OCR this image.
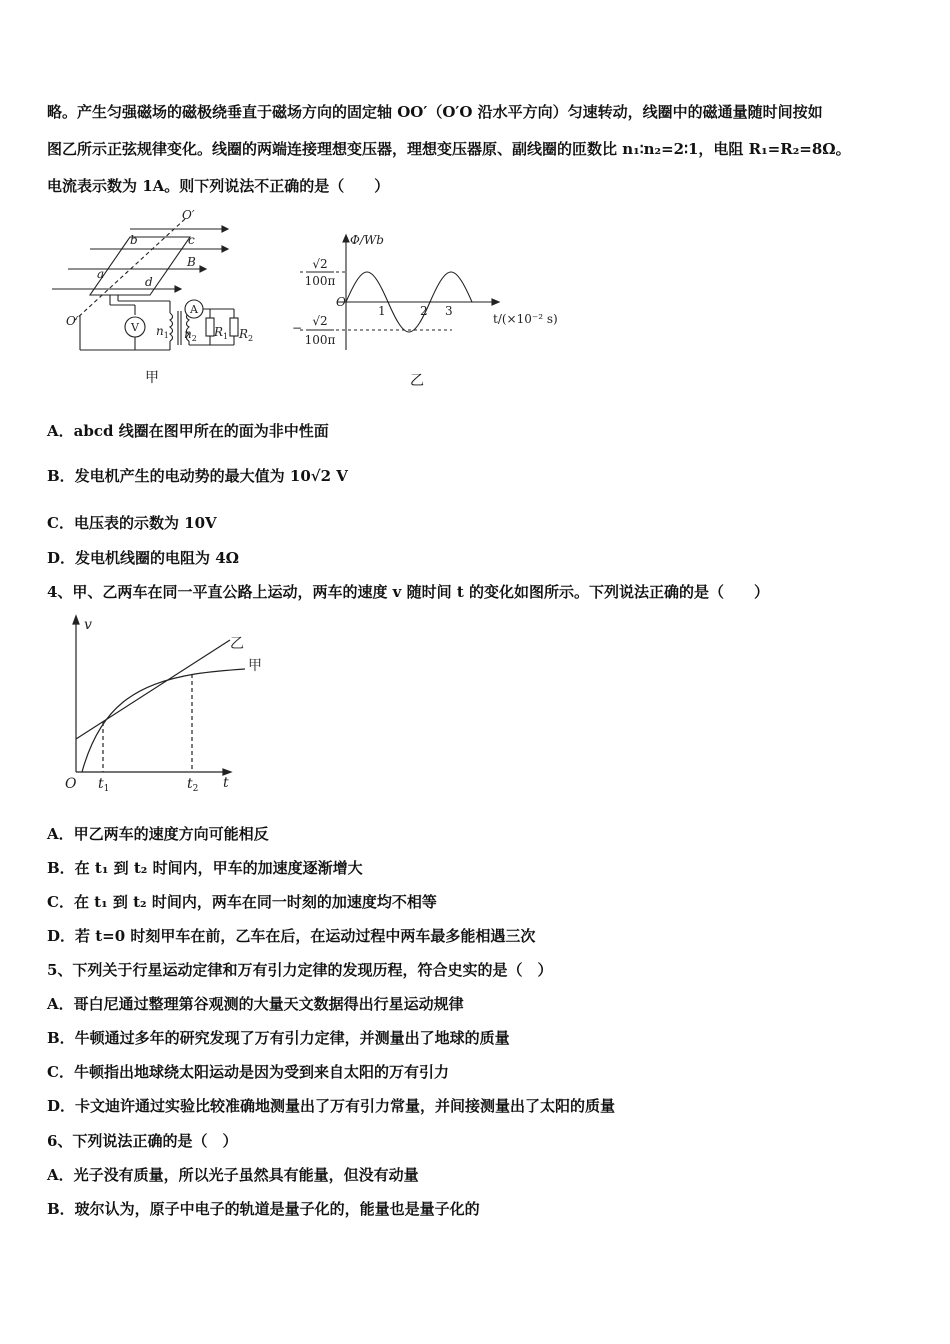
略。产生匀强磁场的磁极绕垂直于磁场方向的固定轴 OO′（O′O 沿水平方向）匀速转动，线圈中的磁通量随时间按如
图乙所示正弦规律变化。线圈的两端连接理想变压器，理想变压器原、副线圈的匝数比 n₁∶n₂=2∶1，电阻 R₁=R₂=8Ω。
电流表示数为 1A。则下列说法不正确的是（　　）
O′
b	c
a
d
B
O′
$n_1$ $n_2$ $R_1$ $R_2$
V
A
甲
Φ/Wb
√2
100π
O
− √2
100π
1	2 3
t/(×10⁻² s)
乙
A．abcd 线圈在图甲所在的面为非中性面
B．发电机产生的电动势的最大值为 10√2 V
C．电压表的示数为 10V
D．发电机线圈的电阻为 4Ω
4、甲、乙两车在同一平直公路上运动，两车的速度 v 随时间 t 的变化如图所示。下列说法正确的是（　　）
v
t
O $t_1$	$t_2$
乙
甲
A．甲乙两车的速度方向可能相反
B．在 t₁ 到 t₂ 时间内，甲车的加速度逐渐增大
C．在 t₁ 到 t₂ 时间内，两车在同一时刻的加速度均不相等
D．若 t=0 时刻甲车在前，乙车在后，在运动过程中两车最多能相遇三次
5、下列关于行星运动定律和万有引力定律的发现历程，符合史实的是（　）
A．哥白尼通过整理第谷观测的大量天文数据得出行星运动规律
B．牛顿通过多年的研究发现了万有引力定律，并测量出了地球的质量
C．牛顿指出地球绕太阳运动是因为受到来自太阳的万有引力
D．卡文迪许通过实验比较准确地测量出了万有引力常量，并间接测量出了太阳的质量
6、下列说法正确的是（　）
A．光子没有质量，所以光子虽然具有能量，但没有动量
B．玻尔认为，原子中电子的轨道是量子化的，能量也是量子化的
